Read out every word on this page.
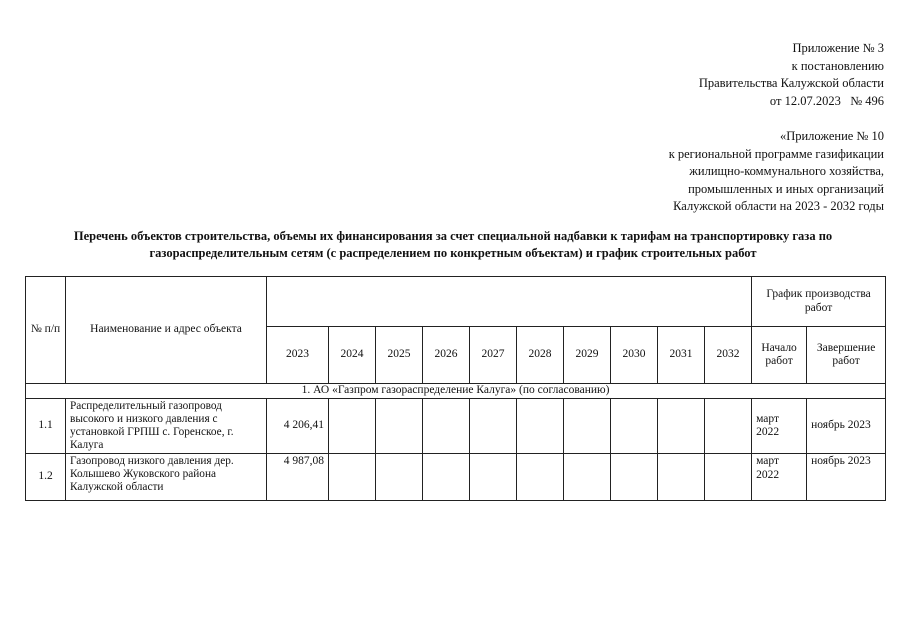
Приложение № 3
к постановлению
Правительства Калужской области
от 12.07.2023   № 496
«Приложение № 10
к региональной программе газификации
жилищно-коммунального хозяйства,
промышленных и иных организаций
Калужской области на 2023 - 2032 годы
Перечень объектов строительства, объемы их финансирования за счет специальной надбавки к тарифам на транспортировку газа по
газораспределительным сетям (с распределением по конкретным объектам) и график строительных работ
№ п/п	Наименование и адрес объекта											График производства работ	
		2023	2024	2025	2026	2027	2028	2029	2030	2031	2032	Начало работ	Завершение работ
1. АО «Газпром газораспределение Калуга» (по согласованию)													
1.1	Распределительный газопровод высокого и низкого давления с установкой ГРПШ с. Горенское, г. Калуга	4 206,41										март 2022	ноябрь 2023
1.2	Газопровод низкого давления дер. Колышево Жуковского района Калужской области	4 987,08										март 2022	ноябрь 2023
